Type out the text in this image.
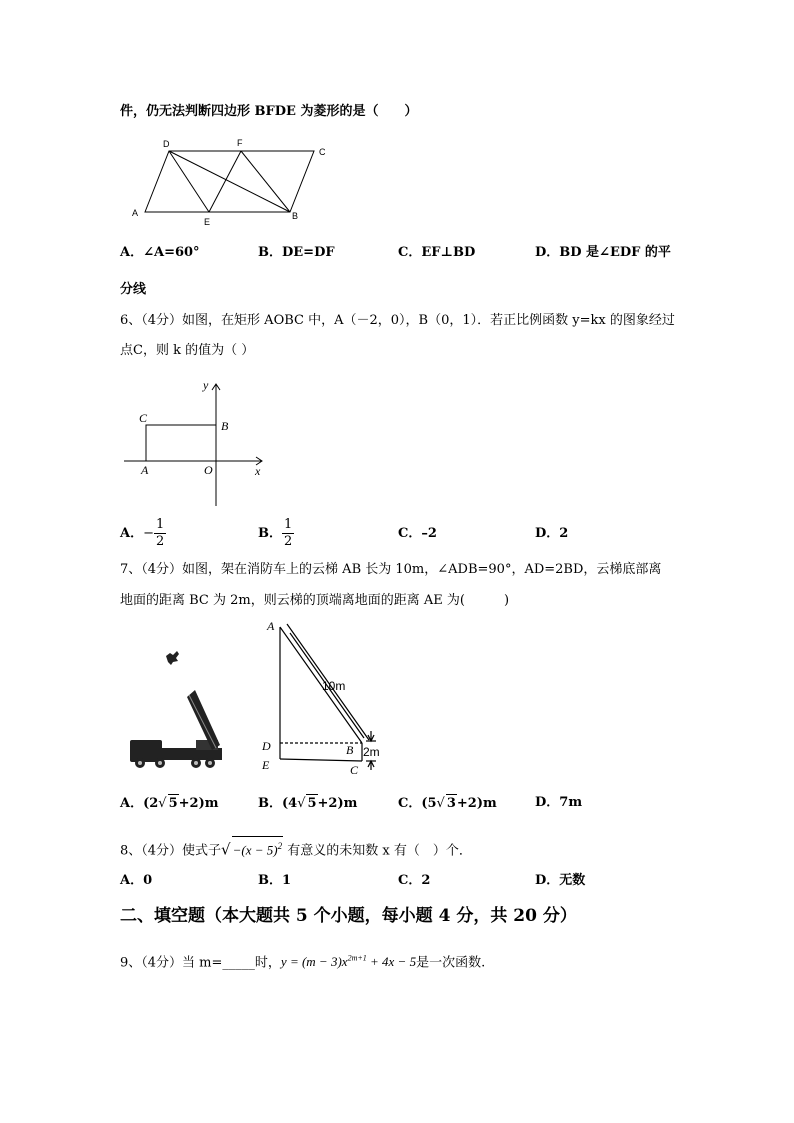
件，仍无法判断四边形 BFDE 为菱形的是（　　）
D	F
C
A
E
B
A．∠A=60°	B．DE=DF	C．EF⊥BD	D．BD 是∠EDF 的平
分线
6、（4分）如图，在矩形 AOBC 中，A（－2，0），B（0，1）．若正比例函数 y=kx 的图象经过
点C，则 k 的值为（ ）
y
x
C
B
A	O
A．− $\frac{1}{2}$	B． $\frac{1}{2}$	C．–2	D．2
7、（4分）如图，架在消防车上的云梯 AB 长为 10m，∠ADB=90°，AD=2BD，云梯底部离
地面的距离 BC 为 2m，则云梯的顶端离地面的距离 AE 为(　　　)
A
D	B
E	C
10m
2m
A．(2√ 5+2)m	B．(4√ 5+2)m	C．(5√ 3+2)m	D．7m
8、（4分）使式子√ $-(x - 5)^2$ 有意义的未知数 x 有（　）个．
A．0	B．1	C．2	D．无数
二、填空题（本大题共 5 个小题，每小题 4 分，共 20 分）
9、（4分）当 m=_____时，$y = (m - 3)x^{2m+1} + 4x - 5$是一次函数.
